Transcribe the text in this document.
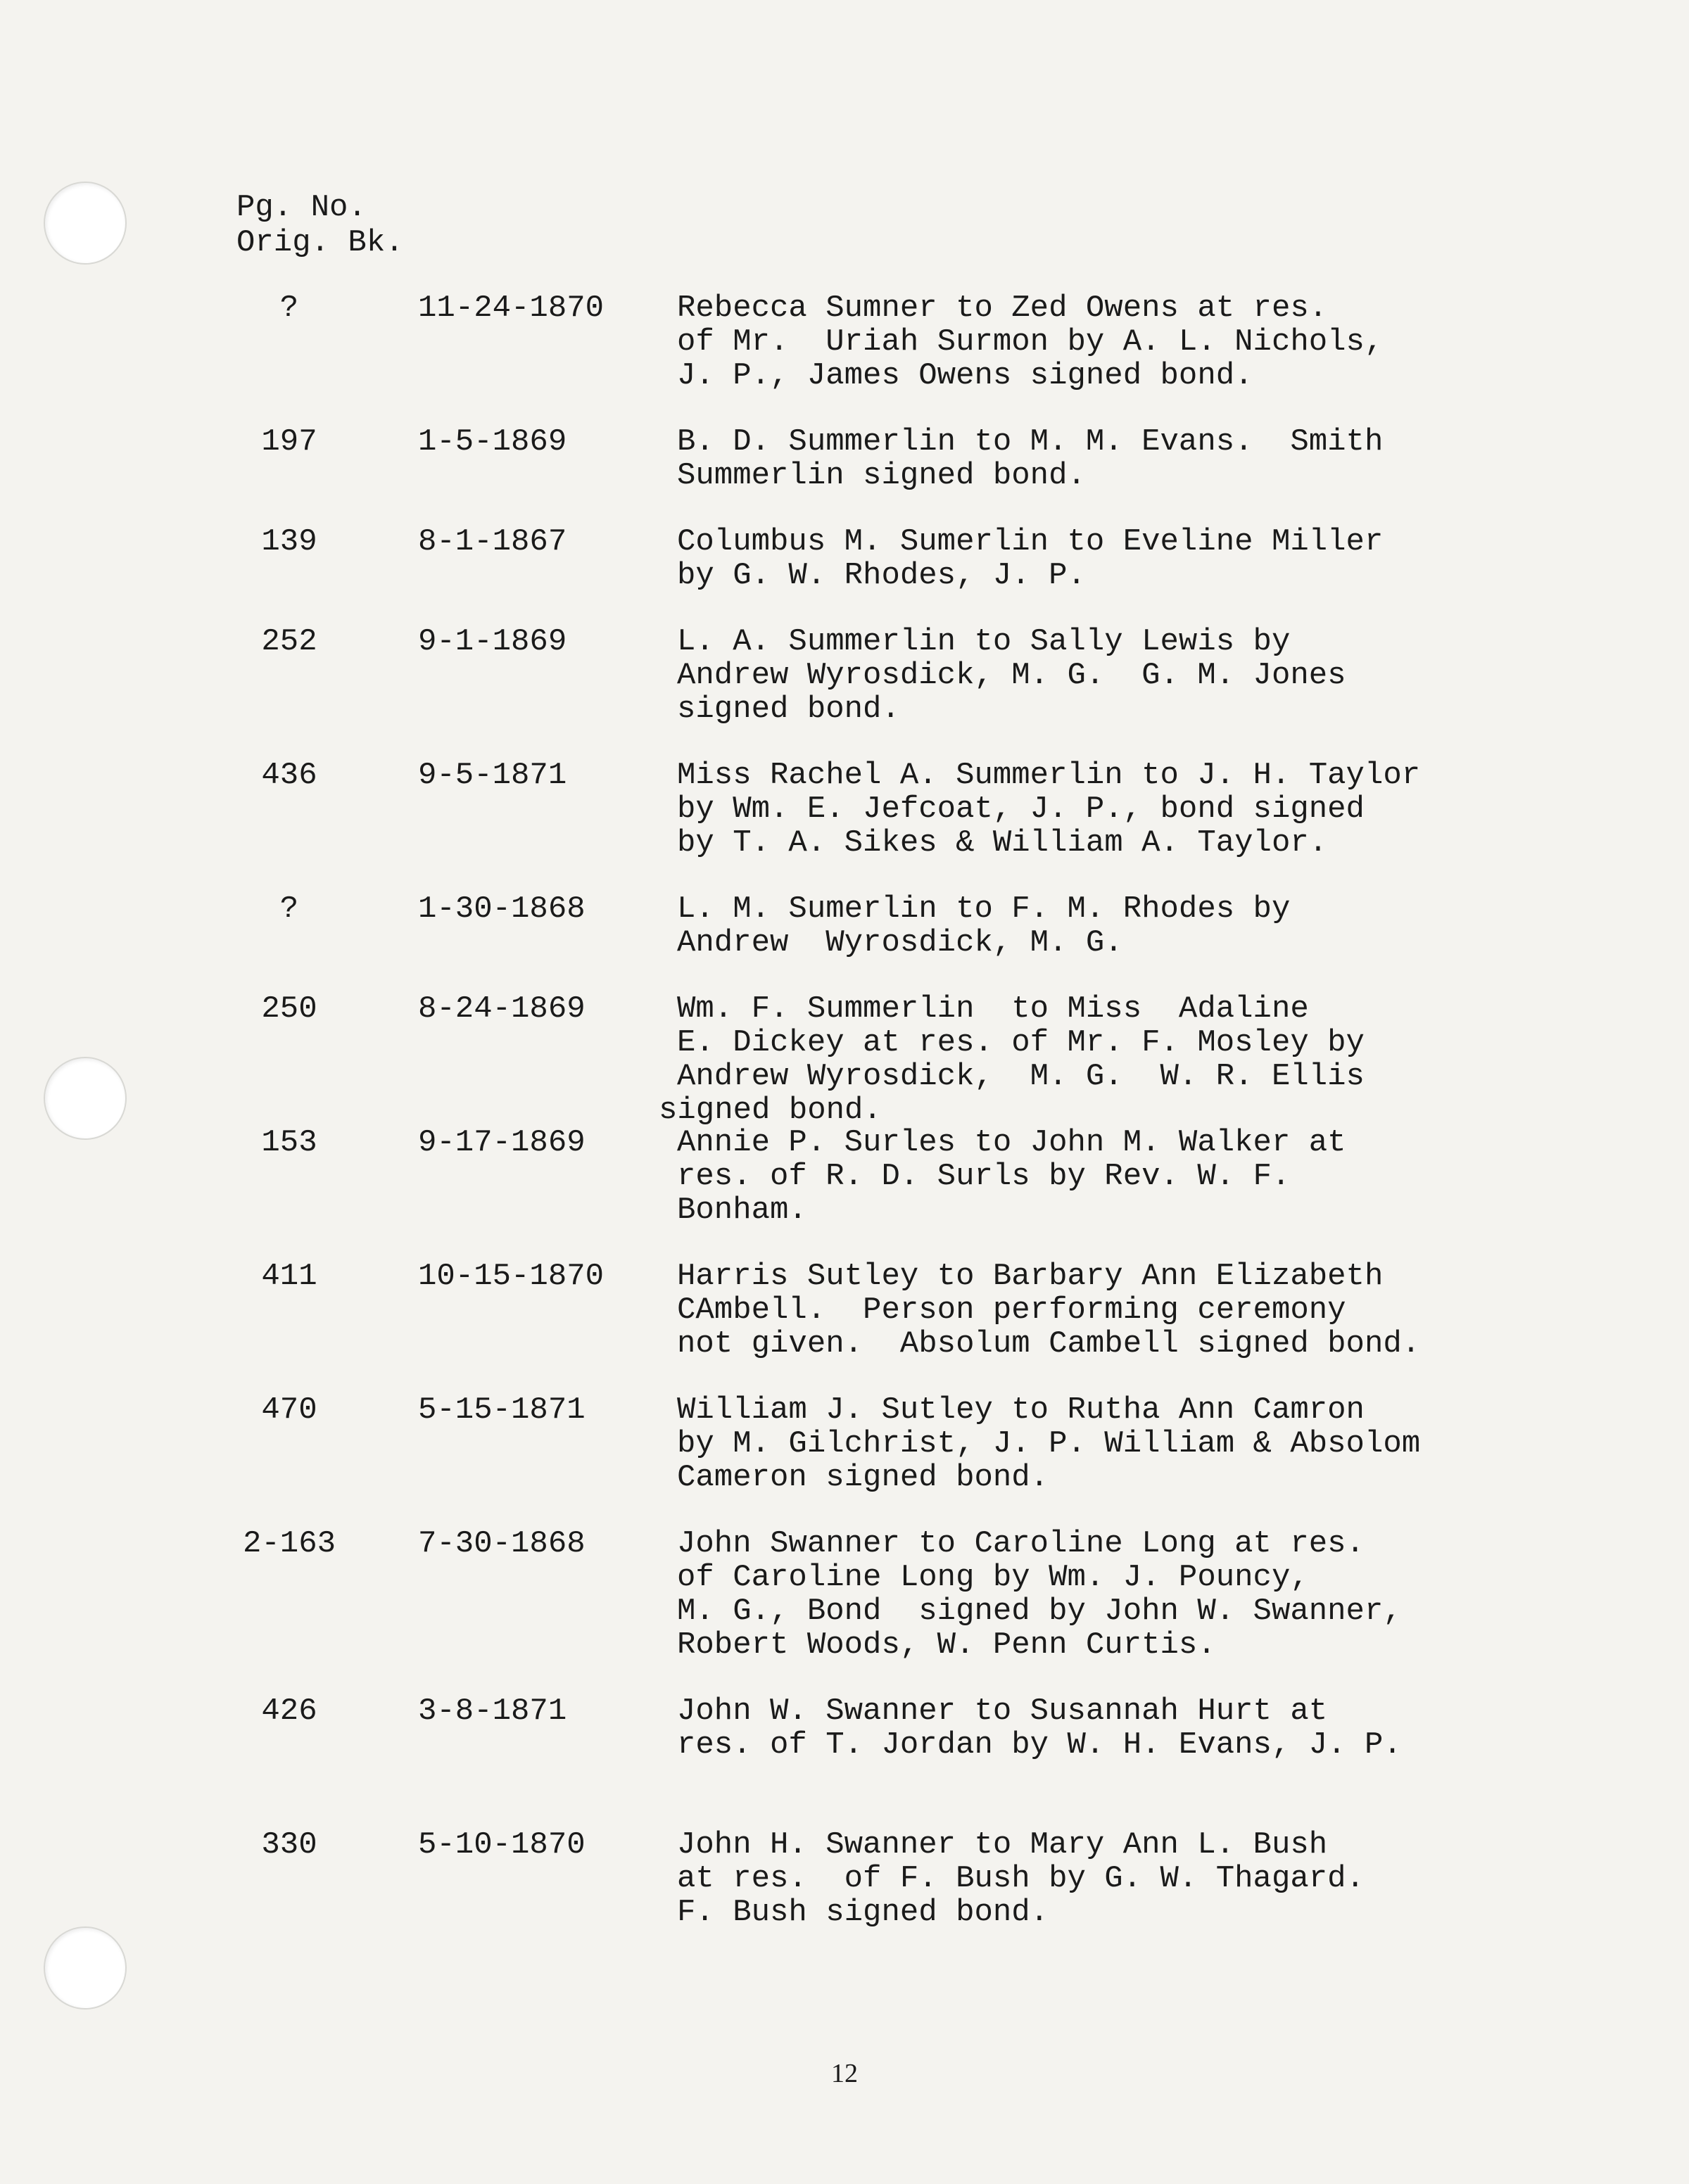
Pg. No.
Orig. Bk.
?	11-24-1870 Rebecca Sumner to Zed Owens at res.
of Mr.  Uriah Surmon by A. L. Nichols,
J. P., James Owens signed bond.
197	1-5-1869	B. D. Summerlin to M. M. Evans.  Smith
Summerlin signed bond.
139	8-1-1867	Columbus M. Sumerlin to Eveline Miller
by G. W. Rhodes, J. P.
252	9-1-1869	L. A. Summerlin to Sally Lewis by
Andrew Wyrosdick, M. G.  G. M. Jones
signed bond.
436	9-5-1871	Miss Rachel A. Summerlin to J. H. Taylor
by Wm. E. Jefcoat, J. P., bond signed
by T. A. Sikes & William A. Taylor.
?	1-30-1868	L. M. Sumerlin to F. M. Rhodes by
Andrew  Wyrosdick, M. G.
250	8-24-1869	Wm. F. Summerlin  to Miss  Adaline
E. Dickey at res. of Mr. F. Mosley by
Andrew Wyrosdick,  M. G.  W. R. Ellis
signed bond.
153	9-17-1869	Annie P. Surles to John M. Walker at
res. of R. D. Surls by Rev. W. F.
Bonham.
411	10-15-1870 Harris Sutley to Barbary Ann Elizabeth
CAmbell.  Person performing ceremony
not given.  Absolum Cambell signed bond.
470	5-15-1871	William J. Sutley to Rutha Ann Camron
by M. Gilchrist, J. P. William & Absolom
Cameron signed bond.
2-163	7-30-1868	John Swanner to Caroline Long at res.
of Caroline Long by Wm. J. Pouncy,
M. G., Bond  signed by John W. Swanner,
Robert Woods, W. Penn Curtis.
426	3-8-1871	John W. Swanner to Susannah Hurt at
res. of T. Jordan by W. H. Evans, J. P.
330	5-10-1870	John H. Swanner to Mary Ann L. Bush
at res.  of F. Bush by G. W. Thagard.
F. Bush signed bond.
12
